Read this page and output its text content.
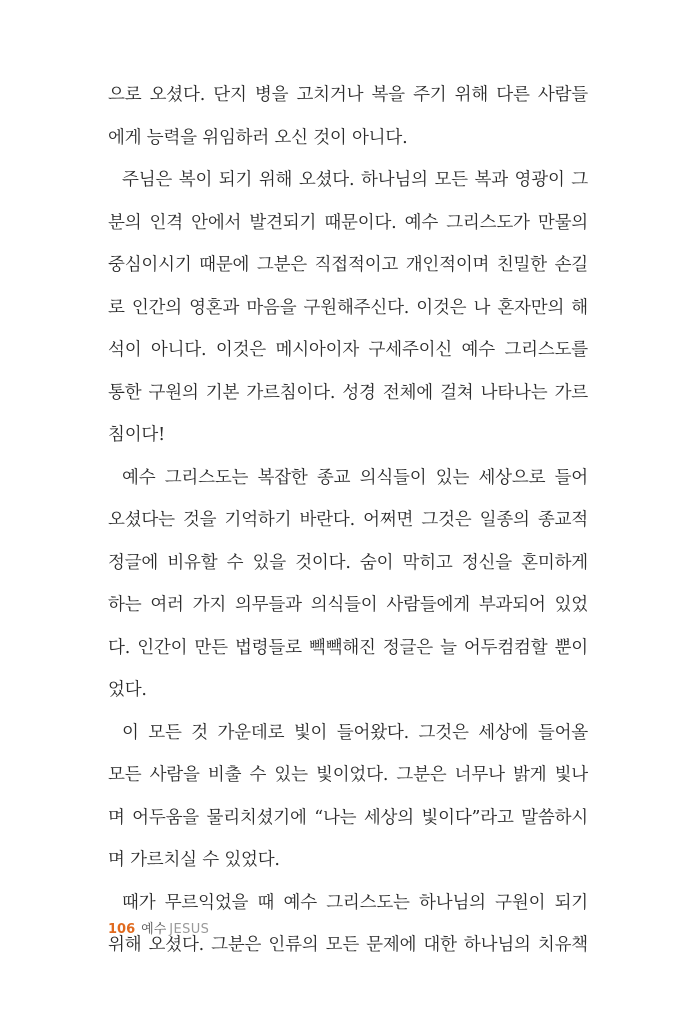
으로 오셨다. 단지 병을 고치거나 복을 주기 위해 다른 사람들
에게 능력을 위임하러 오신 것이 아니다.
주님은 복이 되기 위해 오셨다. 하나님의 모든 복과 영광이 그
분의 인격 안에서 발견되기 때문이다. 예수 그리스도가 만물의
중심이시기 때문에 그분은 직접적이고 개인적이며 친밀한 손길
로 인간의 영혼과 마음을 구원해주신다. 이것은 나 혼자만의 해
석이 아니다. 이것은 메시아이자 구세주이신 예수 그리스도를
통한 구원의 기본 가르침이다. 성경 전체에 걸쳐 나타나는 가르
침이다!
예수 그리스도는 복잡한 종교 의식들이 있는 세상으로 들어
오셨다는 것을 기억하기 바란다. 어쩌면 그것은 일종의 종교적
정글에 비유할 수 있을 것이다. 숨이 막히고 정신을 혼미하게
하는 여러 가지 의무들과 의식들이 사람들에게 부과되어 있었
다. 인간이 만든 법령들로 빽빽해진 정글은 늘 어두컴컴할 뿐이
었다.
이 모든 것 가운데로 빛이 들어왔다. 그것은 세상에 들어올
모든 사람을 비출 수 있는 빛이었다. 그분은 너무나 밝게 빛나
며 어두움을 물리치셨기에 “나는 세상의 빛이다”라고 말씀하시
며 가르치실 수 있었다.
때가 무르익었을 때 예수 그리스도는 하나님의 구원이 되기
위해 오셨다. 그분은 인류의 모든 문제에 대한 하나님의 치유책
106 예수 JESUS
